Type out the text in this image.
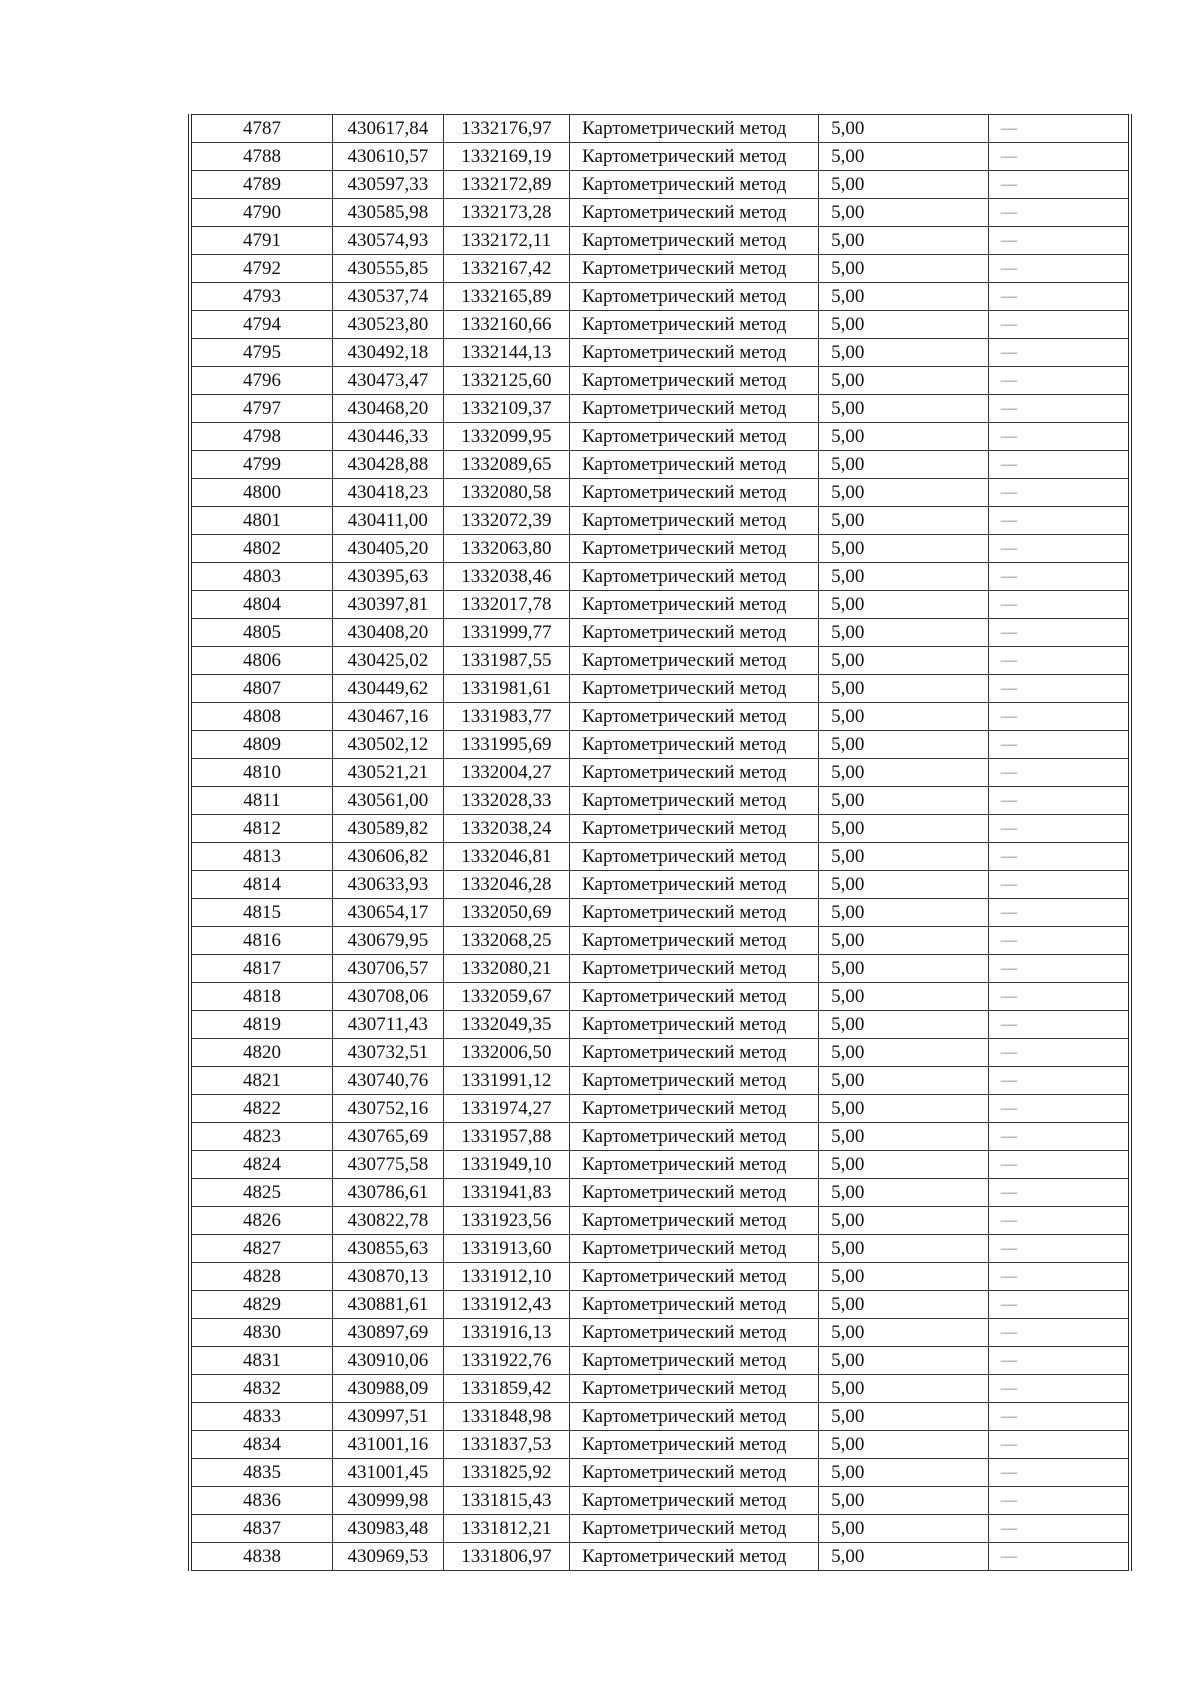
4787	430617,84	1332176,97	Картометрический метод	5,00	—
4788	430610,57	1332169,19	Картометрический метод	5,00	—
4789	430597,33	1332172,89	Картометрический метод	5,00	—
4790	430585,98	1332173,28	Картометрический метод	5,00	—
4791	430574,93	1332172,11	Картометрический метод	5,00	—
4792	430555,85	1332167,42	Картометрический метод	5,00	—
4793	430537,74	1332165,89	Картометрический метод	5,00	—
4794	430523,80	1332160,66	Картометрический метод	5,00	—
4795	430492,18	1332144,13	Картометрический метод	5,00	—
4796	430473,47	1332125,60	Картометрический метод	5,00	—
4797	430468,20	1332109,37	Картометрический метод	5,00	—
4798	430446,33	1332099,95	Картометрический метод	5,00	—
4799	430428,88	1332089,65	Картометрический метод	5,00	—
4800	430418,23	1332080,58	Картометрический метод	5,00	—
4801	430411,00	1332072,39	Картометрический метод	5,00	—
4802	430405,20	1332063,80	Картометрический метод	5,00	—
4803	430395,63	1332038,46	Картометрический метод	5,00	—
4804	430397,81	1332017,78	Картометрический метод	5,00	—
4805	430408,20	1331999,77	Картометрический метод	5,00	—
4806	430425,02	1331987,55	Картометрический метод	5,00	—
4807	430449,62	1331981,61	Картометрический метод	5,00	—
4808	430467,16	1331983,77	Картометрический метод	5,00	—
4809	430502,12	1331995,69	Картометрический метод	5,00	—
4810	430521,21	1332004,27	Картометрический метод	5,00	—
4811	430561,00	1332028,33	Картометрический метод	5,00	—
4812	430589,82	1332038,24	Картометрический метод	5,00	—
4813	430606,82	1332046,81	Картометрический метод	5,00	—
4814	430633,93	1332046,28	Картометрический метод	5,00	—
4815	430654,17	1332050,69	Картометрический метод	5,00	—
4816	430679,95	1332068,25	Картометрический метод	5,00	—
4817	430706,57	1332080,21	Картометрический метод	5,00	—
4818	430708,06	1332059,67	Картометрический метод	5,00	—
4819	430711,43	1332049,35	Картометрический метод	5,00	—
4820	430732,51	1332006,50	Картометрический метод	5,00	—
4821	430740,76	1331991,12	Картометрический метод	5,00	—
4822	430752,16	1331974,27	Картометрический метод	5,00	—
4823	430765,69	1331957,88	Картометрический метод	5,00	—
4824	430775,58	1331949,10	Картометрический метод	5,00	—
4825	430786,61	1331941,83	Картометрический метод	5,00	—
4826	430822,78	1331923,56	Картометрический метод	5,00	—
4827	430855,63	1331913,60	Картометрический метод	5,00	—
4828	430870,13	1331912,10	Картометрический метод	5,00	—
4829	430881,61	1331912,43	Картометрический метод	5,00	—
4830	430897,69	1331916,13	Картометрический метод	5,00	—
4831	430910,06	1331922,76	Картометрический метод	5,00	—
4832	430988,09	1331859,42	Картометрический метод	5,00	—
4833	430997,51	1331848,98	Картометрический метод	5,00	—
4834	431001,16	1331837,53	Картометрический метод	5,00	—
4835	431001,45	1331825,92	Картометрический метод	5,00	—
4836	430999,98	1331815,43	Картометрический метод	5,00	—
4837	430983,48	1331812,21	Картометрический метод	5,00	—
4838	430969,53	1331806,97	Картометрический метод	5,00	—
